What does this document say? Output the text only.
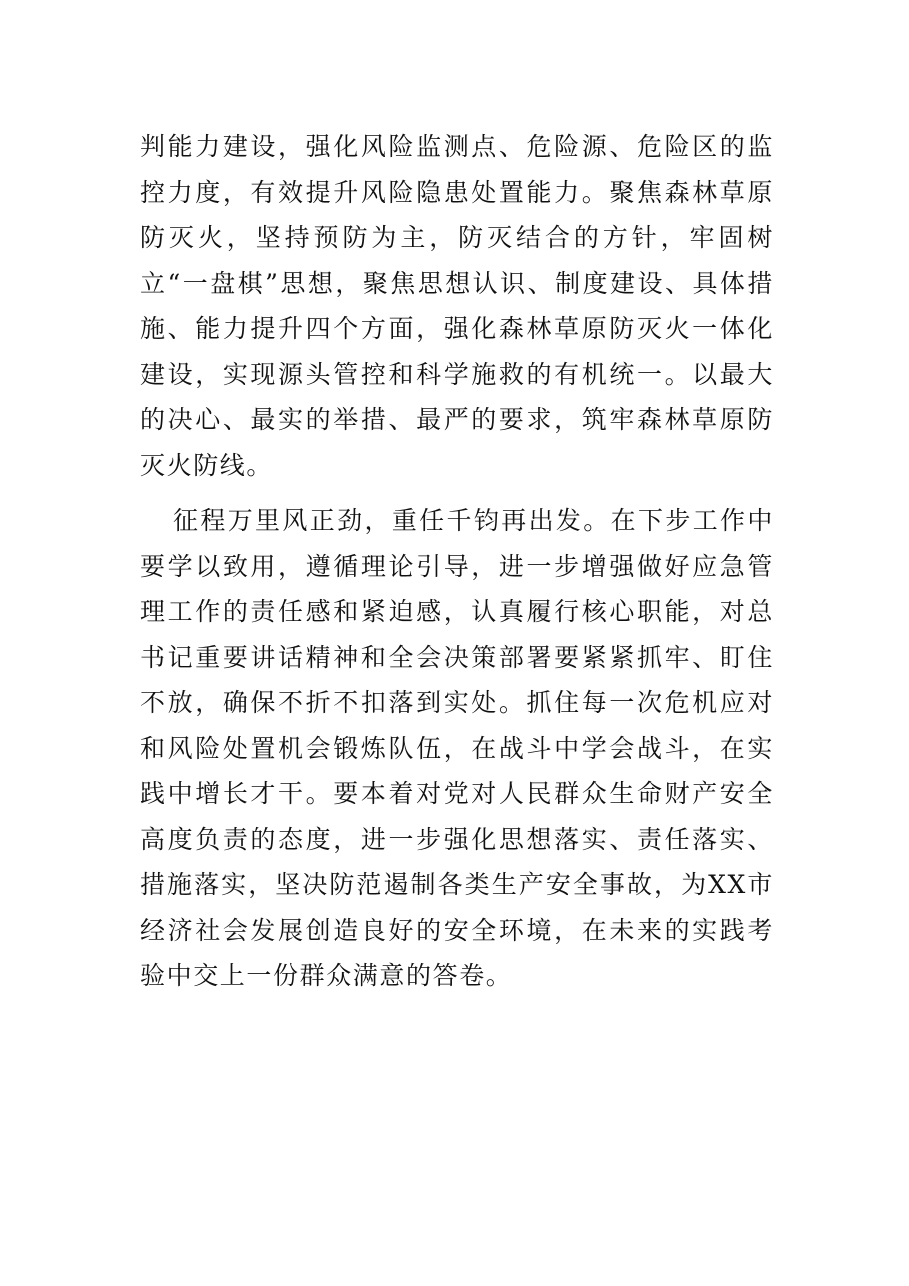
判能力建设，强化风险监测点、危险源、危险区的监控力度，有效提升风险隐患处置能力。聚焦森林草原防灭火，坚持预防为主，防灭结合的方针，牢固树立“一盘棋”思想，聚焦思想认识、制度建设、具体措施、能力提升四个方面，强化森林草原防灭火一体化建设，实现源头管控和科学施救的有机统一。以最大的决心、最实的举措、最严的要求，筑牢森林草原防灭火防线。

征程万里风正劲，重任千钧再出发。在下步工作中要学以致用，遵循理论引导，进一步增强做好应急管理工作的责任感和紧迫感，认真履行核心职能，对总书记重要讲话精神和全会决策部署要紧紧抓牢、盯住不放，确保不折不扣落到实处。抓住每一次危机应对和风险处置机会锻炼队伍，在战斗中学会战斗，在实践中增长才干。要本着对党对人民群众生命财产安全高度负责的态度，进一步强化思想落实、责任落实、措施落实，坚决防范遏制各类生产安全事故，为XX市经济社会发展创造良好的安全环境，在未来的实践考验中交上一份群众满意的答卷。
